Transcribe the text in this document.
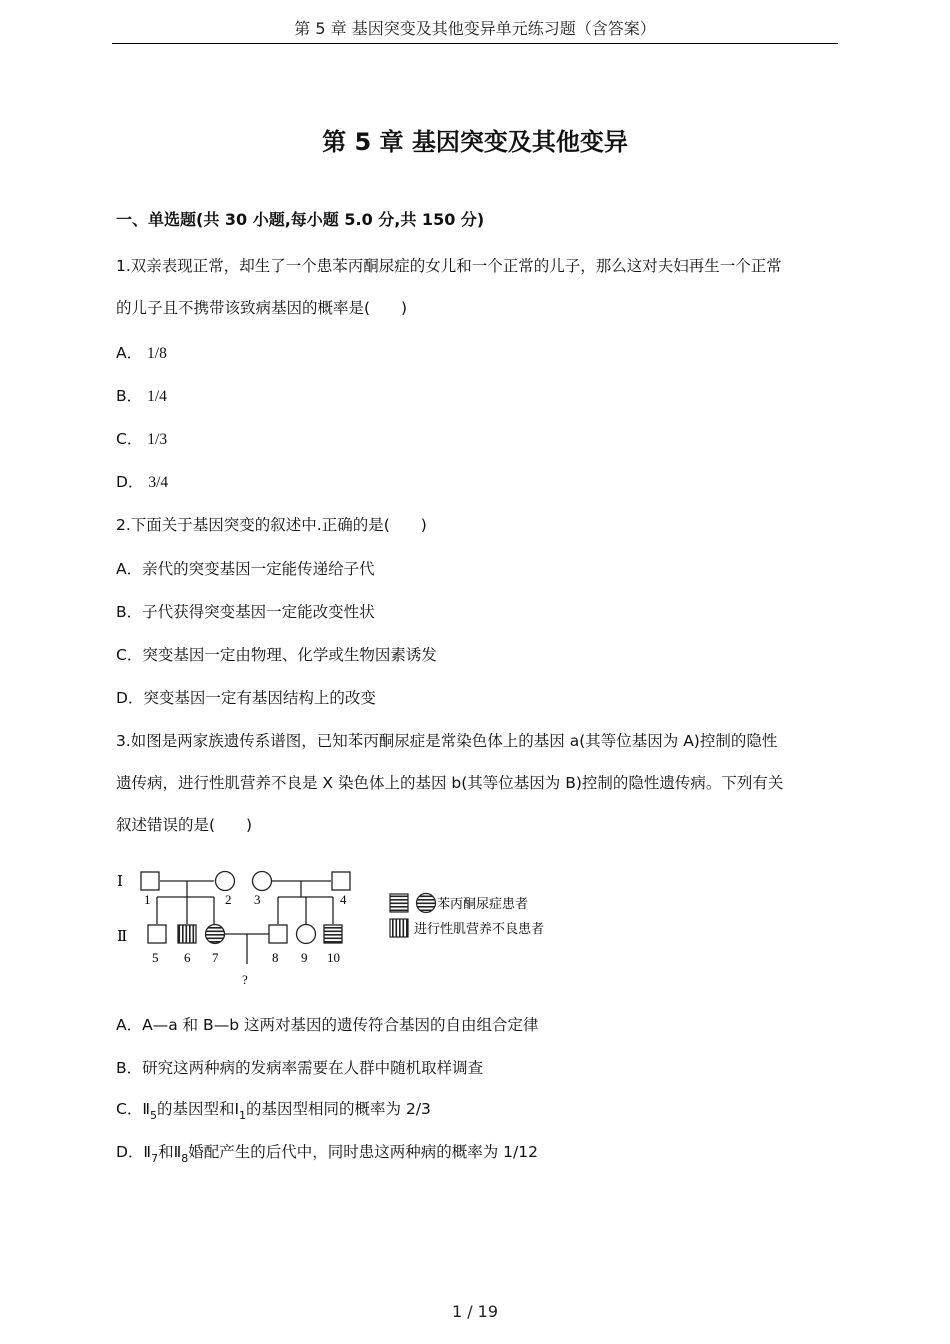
第 5 章 基因突变及其他变异单元练习题（含答案）
第 5 章 基因突变及其他变异
一、单选题(共 30 小题,每小题 5.0 分,共 150 分)
1.双亲表现正常，却生了一个患苯丙酮尿症的女儿和一个正常的儿子，那么这对夫妇再生一个正常
的儿子且不携带该致病基因的概率是(　　)
A． 1/8
B． 1/4
C． 1/3
D． 3/4
2.下面关于基因突变的叙述中.正确的是(　　)
A．亲代的突变基因一定能传递给子代
B．子代获得突变基因一定能改变性状
C．突变基因一定由物理、化学或生物因素诱发
D．突变基因一定有基因结构上的改变
3.如图是两家族遗传系谱图，已知苯丙酮尿症是常染色体上的基因 a(其等位基因为 A)控制的隐性
遗传病，进行性肌营养不良是 X 染色体上的基因 b(其等位基因为 B)控制的隐性遗传病。下列有关
叙述错误的是(　　)
Ⅰ
Ⅱ
1	2 3	4
5 6 7	8 9 10
?
苯丙酮尿症患者
进行性肌营养不良患者
A．A—a 和 B—b 这两对基因的遗传符合基因的自由组合定律
B．研究这两种病的发病率需要在人群中随机取样调查
C．$Ⅱ_5$的基因型和$Ⅰ_1$的基因型相同的概率为 2/3
D．$Ⅱ_7$和$Ⅱ_8$婚配产生的后代中，同时患这两种病的概率为 1/12
1 / 19
